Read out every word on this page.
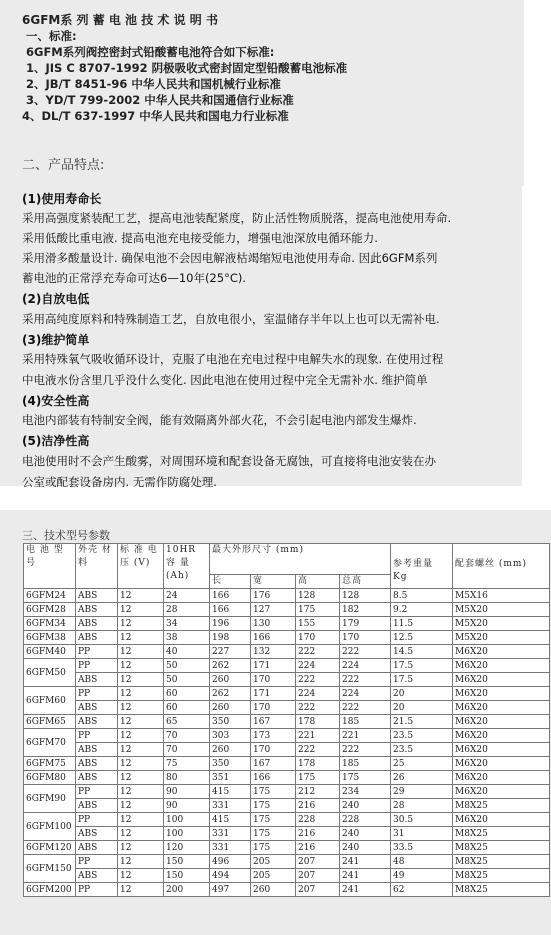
6GFM系 列 蓄 电 池 技 术 说 明 书

一、标准:

6GFM系列阀控密封式铅酸蓄电池符合如下标准:

1、JIS C 8707-1992 阴极吸收式密封固定型铅酸蓄电池标准

2、JB/T 8451-96 中华人民共和国机械行业标准

3、YD/T 799-2002 中华人民共和国通信行业标准

4、DL/T 637-1997 中华人民共和国电力行业标准

二、产品特点:

(1)使用寿命长

采用高强度紧装配工艺，提高电池装配紧度，防止活性物质脱落，提高电池使用寿命.

采用低酸比重电液. 提高电池充电接受能力，增强电池深放电循环能力.

采用滑多酸量设计. 确保电池不会因电解液枯竭缩短电池使用寿命. 因此6GFM系列

蓄电池的正常浮充寿命可达6—10年(25°C).

(2)自放电低

采用高纯度原料和特殊制造工艺，自放电很小，室温储存半年以上也可以无需补电.

(3)维护简单

采用特殊氧气吸收循环设计，克服了电池在充电过程中电解失水的现象. 在使用过程

中电液水份含里几乎没什么变化. 因此电池在使用过程中完全无需补水. 维护简单

(4)安全性高

电池内部装有特制安全阀，能有效隔离外部火花，不会引起电池内部发生爆炸.

(5)洁净性高

电池使用时不会产生酸雾，对周围环境和配套设备无腐蚀，可直接将电池安装在办

公室或配套设备房内. 无需作防腐处理.

三、技术型号参数

电 池 型 号	外壳 材料	标 准 电 压 (V)	10HR 容 量 (Ah)	最大外形尺寸 (mm)				参考重量 Kg	配套螺丝 (mm)
				长	宽	高	总高		
6GFM24	ABS	12	24	166	176	128	128	8.5	M5X16
6GFM28	ABS	12	28	166	127	175	182	9.2	M5X20
6GFM34	ABS	12	34	196	130	155	179	11.5	M5X20
6GFM38	ABS	12	38	198	166	170	170	12.5	M5X20
6GFM40	PP	12	40	227	132	222	222	14.5	M6X20
6GFM50	PP	12	50	262	171	224	224	17.5	M6X20
	ABS	12	50	260	170	222	222	17.5	M6X20
6GFM60	PP	12	60	262	171	224	224	20	M6X20
	ABS	12	60	260	170	222	222	20	M6X20
6GFM65	ABS	12	65	350	167	178	185	21.5	M6X20
6GFM70	PP	12	70	303	173	221	221	23.5	M6X20
	ABS	12	70	260	170	222	222	23.5	M6X20
6GFM75	ABS	12	75	350	167	178	185	25	M6X20
6GFM80	ABS	12	80	351	166	175	175	26	M6X20
6GFM90	PP	12	90	415	175	212	234	29	M6X20
	ABS	12	90	331	175	216	240	28	M8X25
6GFM100	PP	12	100	415	175	228	228	30.5	M6X20
	ABS	12	100	331	175	216	240	31	M8X25
6GFM120	ABS	12	120	331	175	216	240	33.5	M8X25
6GFM150	PP	12	150	496	205	207	241	48	M8X25
	ABS	12	150	494	205	207	241	49	M8X25
6GFM200	PP	12	200	497	260	207	241	62	M8X25
